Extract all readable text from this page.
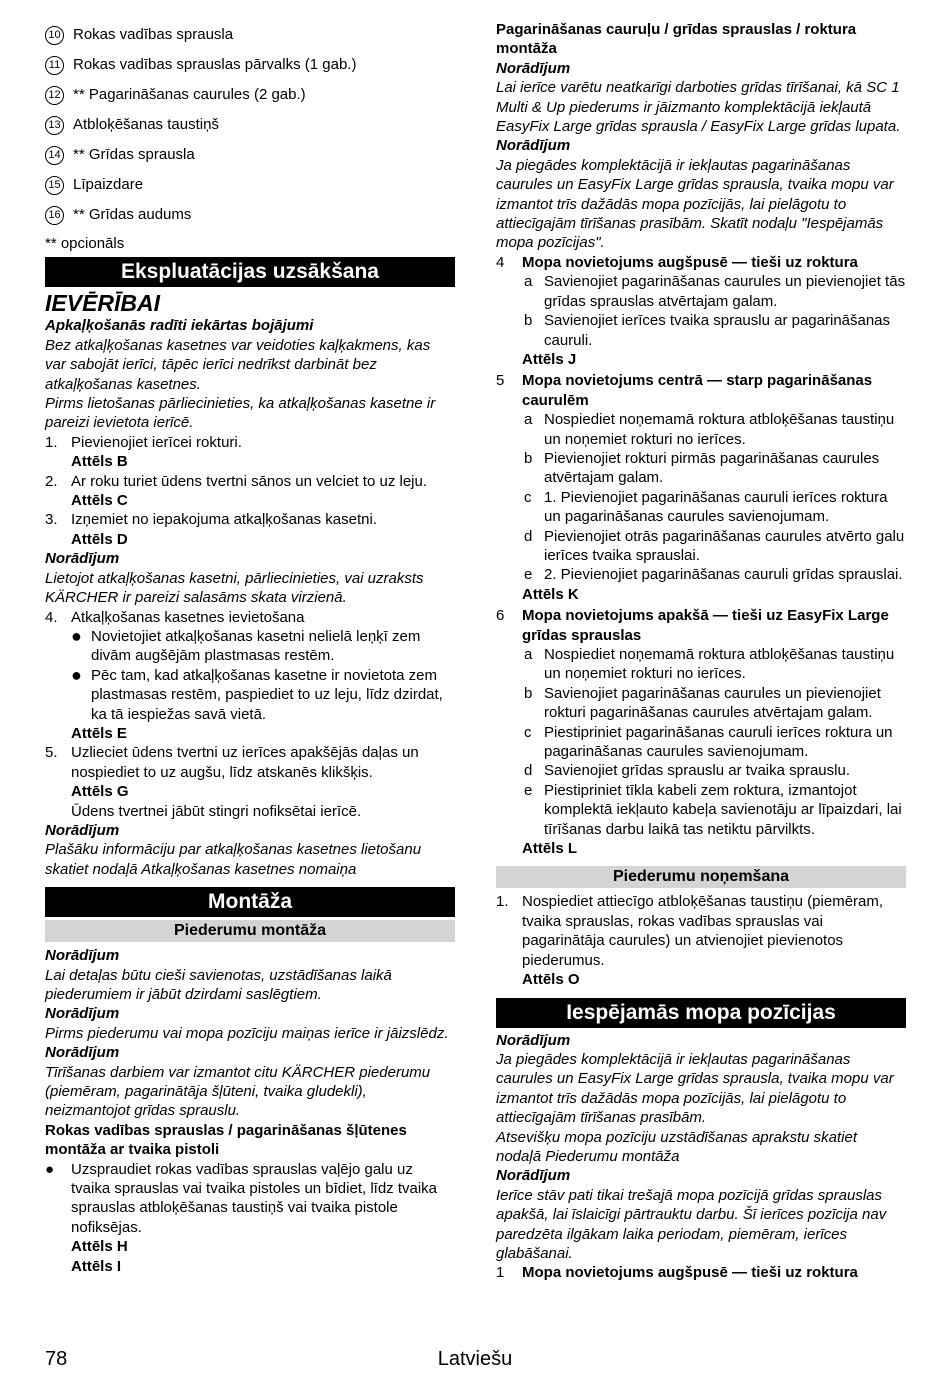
10 Rokas vadības sprausla
11 Rokas vadības sprauslas pārvalks (1 gab.)
12 ** Pagarināšanas caurules (2 gab.)
13 Atbloķēšanas taustiņš
14 ** Grīdas sprausla
15 Līpaizdare
16 ** Grīdas audums

** opcionāls

Ekspluatācijas uzsākšana
IEVĒRĪBAI

Apkaļķošanās radīti iekārtas bojājumi

Bez atkaļķošanas kasetnes var veidoties kaļķakmens, kas var sabojāt ierīci, tāpēc ierīci nedrīkst darbināt bez atkaļķošanas kasetnes.

Pirms lietošanas pārliecinieties, ka atkaļķošanas kasetne ir pareizi ievietota ierīcē.

1. Pievienojiet ierīcei rokturi.
Attēls B
2. Ar roku turiet ūdens tvertni sānos un velciet to uz leju.
Attēls C
3. Izņemiet no iepakojuma atkaļķošanas kasetni.
Attēls D

Norādījum

Lietojot atkaļķošanas kasetni, pārliecinieties, vai uzraksts KÄRCHER ir pareizi salasāms skata virzienā.

4. Atkaļķošanas kasetnes ievietošana
● Novietojiet atkaļķošanas kasetni nelielā leņķī zem divām augšējām plastmasas restēm.
● Pēc tam, kad atkaļķošanas kasetne ir novietota zem plastmasas restēm, paspiediet to uz leju, līdz dzirdat, ka tā iespiežas savā vietā.
Attēls E
5. Uzlieciet ūdens tvertni uz ierīces apakšējās daļas un nospiediet to uz augšu, līdz atskanēs klikšķis.
Attēls G
Ūdens tvertnei jābūt stingri nofiksētai ierīcē.

Norādījum

Plašāku informāciju par atkaļķošanas kasetnes lietošanu skatiet nodaļā Atkaļķošanas kasetnes nomaiņa

Montāža
Piederumu montāža

Norādījum

Lai detaļas būtu cieši savienotas, uzstādīšanas laikā piederumiem ir jābūt dzirdami saslēgtiem.

Norādījum

Pirms piederumu vai mopa pozīciju maiņas ierīce ir jāizslēdz.

Norādījum

Tīrīšanas darbiem var izmantot citu KÄRCHER piederumu (piemēram, pagarinātāja šļūteni, tvaika gludekli), neizmantojot grīdas sprauslu.

Rokas vadības sprauslas / pagarināšanas šļūtenes montāža ar tvaika pistoli

●	Uzspraudiet rokas vadības sprauslas vaļējo galu uz tvaika sprauslas vai tvaika pistoles un bīdiet, līdz tvaika sprauslas atbloķēšanas taustiņš vai tvaika pistole nofiksējas.
Attēls H
Attēls I

Pagarināšanas cauruļu / grīdas sprauslas / roktura montāža

Norādījum

Lai ierīce varētu neatkarīgi darboties grīdas tīrīšanai, kā SC 1 Multi & Up piederums ir jāizmanto komplektācijā iekļautā EasyFix Large grīdas sprausla / EasyFix Large grīdas lupata.

Norādījum

Ja piegādes komplektācijā ir iekļautas pagarināšanas caurules un EasyFix Large grīdas sprausla, tvaika mopu var izmantot trīs dažādās mopa pozīcijās, lai pielāgotu to attiecīgajām tīrīšanas prasībām. Skatīt nodaļu "Iespējamās mopa pozīcijas".

4	Mopa novietojums augšpusē — tieši uz roktura
a Savienojiet pagarināšanas caurules un pievienojiet tās grīdas sprauslas atvērtajam galam.
b Savienojiet ierīces tvaika sprauslu ar pagarināšanas cauruli.
Attēls J
5	Mopa novietojums centrā — starp pagarināšanas caurulēm
a Nospiediet noņemamā roktura atbloķēšanas taustiņu un noņemiet rokturi no ierīces.
b Pievienojiet rokturi pirmās pagarināšanas caurules atvērtajam galam.
c 1. Pievienojiet pagarināšanas cauruli ierīces roktura un pagarināšanas caurules savienojumam.
d Pievienojiet otrās pagarināšanas caurules atvērto galu ierīces tvaika sprauslai.
e 2. Pievienojiet pagarināšanas cauruli grīdas sprauslai.
Attēls K
6	Mopa novietojums apakšā — tieši uz EasyFix Large grīdas sprauslas
a Nospiediet noņemamā roktura atbloķēšanas taustiņu un noņemiet rokturi no ierīces.
b Savienojiet pagarināšanas caurules un pievienojiet rokturi pagarināšanas caurules atvērtajam galam.
c Piestipriniet pagarināšanas cauruli ierīces roktura un pagarināšanas caurules savienojumam.
d Savienojiet grīdas sprauslu ar tvaika sprauslu.
e Piestipriniet tīkla kabeli zem roktura, izmantojot komplektā iekļauto kabeļa savienotāju ar līpaizdari, lai tīrīšanas darbu laikā tas netiktu pārvilkts.
Attēls L
Piederumu noņemšana
1. Nospiediet attiecīgo atbloķēšanas taustiņu (piemēram, tvaika sprauslas, rokas vadības sprauslas vai pagarinātāja caurules) un atvienojiet pievienotos piederumus.
Attēls O
Iespējamās mopa pozīcijas

Norādījum

Ja piegādes komplektācijā ir iekļautas pagarināšanas caurules un EasyFix Large grīdas sprausla, tvaika mopu var izmantot trīs dažādās mopa pozīcijās, lai pielāgotu to attiecīgajām tīrīšanas prasībām.

Atsevišķu mopa pozīciju uzstādīšanas aprakstu skatiet nodaļā Piederumu montāža

Norādījum

Ierīce stāv pati tikai trešajā mopa pozīcijā grīdas sprauslas apakšā, lai īslaicīgi pārtrauktu darbu. Šī ierīces pozīcija nav paredzēta ilgākam laika periodam, piemēram, ierīces glabāšanai.

1	Mopa novietojums augšpusē — tieši uz roktura
78	Latviešu
